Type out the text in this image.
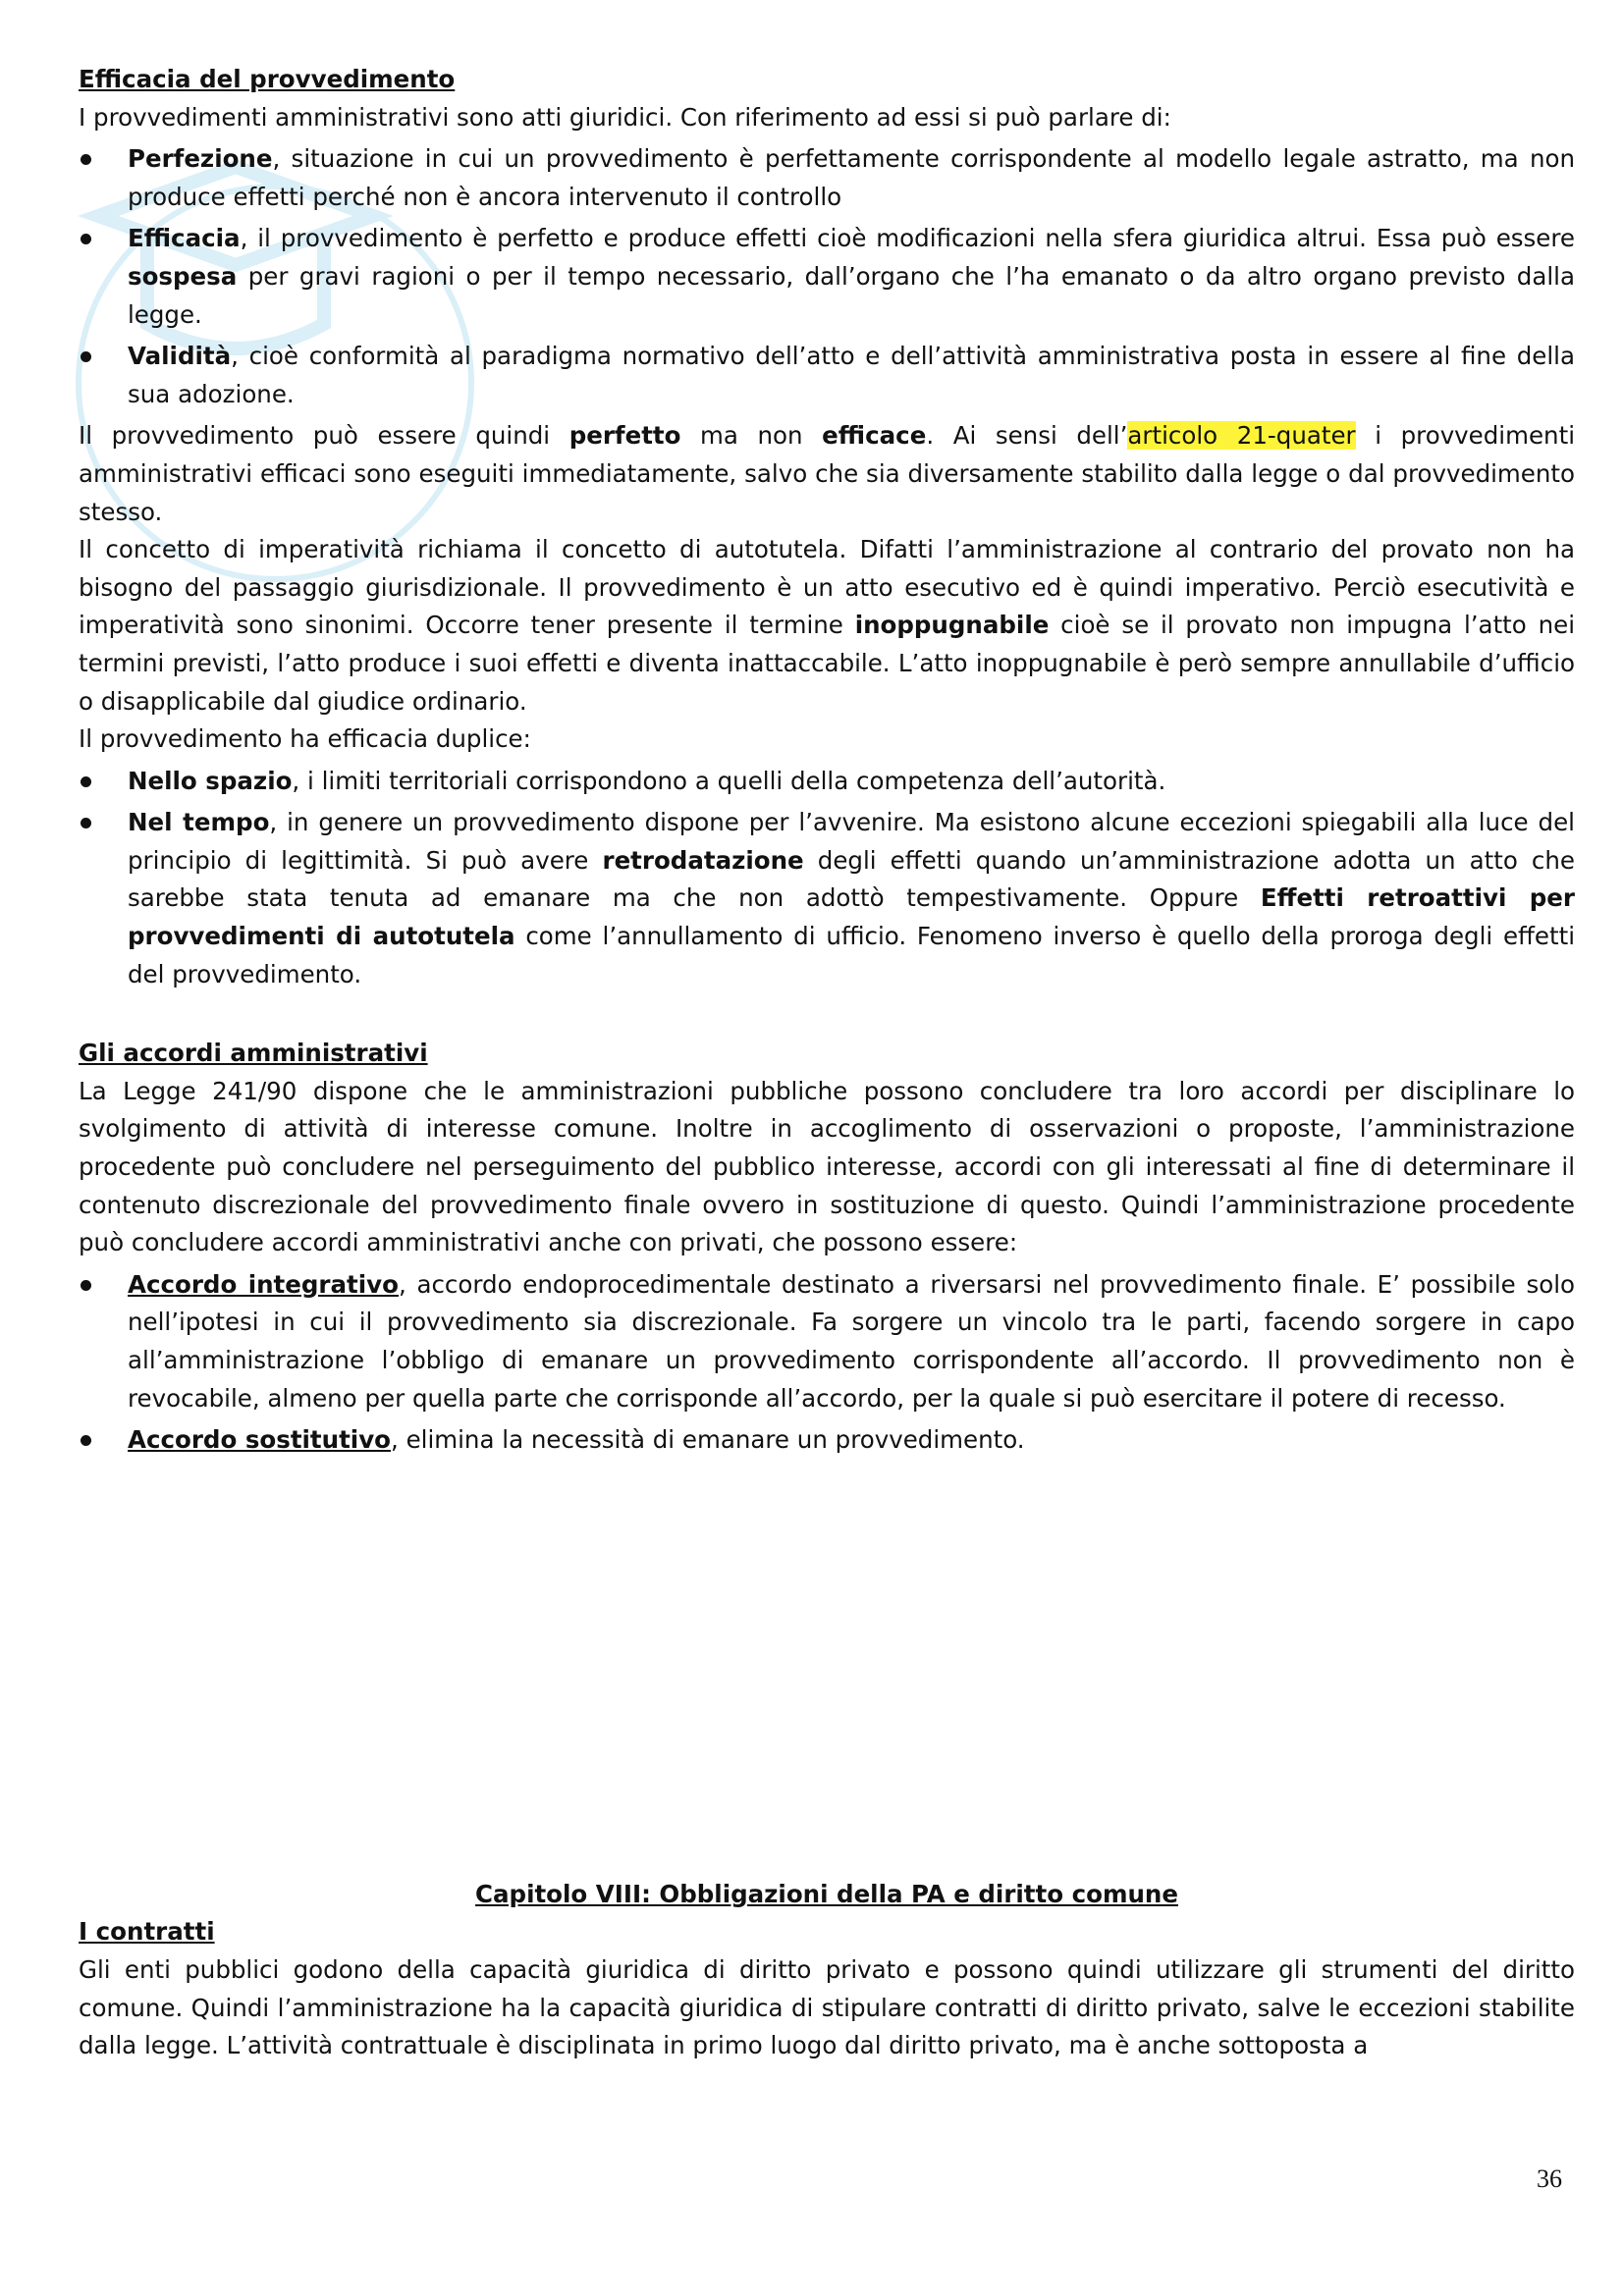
Efficacia del provvedimento

I provvedimenti amministrativi sono atti giuridici. Con riferimento ad essi si può parlare di:

Perfezione, situazione in cui un provvedimento è perfettamente corrispondente al modello legale astratto, ma non produce effetti perché non è ancora intervenuto il controllo
Efficacia, il provvedimento è perfetto e produce effetti cioè modificazioni nella sfera giuridica altrui. Essa può essere sospesa per gravi ragioni o per il tempo necessario, dall’organo che l’ha emanato o da altro organo previsto dalla legge.
Validità, cioè conformità al paradigma normativo dell’atto e dell’attività amministrativa posta in essere al fine della sua adozione.

Il provvedimento può essere quindi perfetto ma non efficace. Ai sensi dell’articolo 21-quater i provvedimenti amministrativi efficaci sono eseguiti immediatamente, salvo che sia diversamente stabilito dalla legge o dal provvedimento stesso.

Il concetto di imperatività richiama il concetto di autotutela. Difatti l’amministrazione al contrario del provato non ha bisogno del passaggio giurisdizionale. Il provvedimento è un atto esecutivo ed è quindi imperativo. Perciò esecutività e imperatività sono sinonimi. Occorre tener presente il termine inoppugnabile cioè se il provato non impugna l’atto nei termini previsti, l’atto produce i suoi effetti e diventa inattaccabile. L’atto inoppugnabile è però sempre annullabile d’ufficio o disapplicabile dal giudice ordinario.

Il provvedimento ha efficacia duplice:

Nello spazio, i limiti territoriali corrispondono a quelli della competenza dell’autorità.
Nel tempo, in genere un provvedimento dispone per l’avvenire. Ma esistono alcune eccezioni spiegabili alla luce del principio di legittimità. Si può avere retrodatazione degli effetti quando un’amministrazione adotta un atto che sarebbe stata tenuta ad emanare ma che non adottò tempestivamente. Oppure Effetti retroattivi per provvedimenti di autotutela come l’annullamento di ufficio. Fenomeno inverso è quello della proroga degli effetti del provvedimento.

Gli accordi amministrativi

La Legge 241/90 dispone che le amministrazioni pubbliche possono concludere tra loro accordi per disciplinare lo svolgimento di attività di interesse comune. Inoltre in accoglimento di osservazioni o proposte, l’amministrazione procedente può concludere nel perseguimento del pubblico interesse, accordi con gli interessati al fine di determinare il contenuto discrezionale del provvedimento finale ovvero in sostituzione di questo. Quindi l’amministrazione procedente può concludere accordi amministrativi anche con privati, che possono essere:

Accordo integrativo, accordo endoprocedimentale destinato a riversarsi nel provvedimento finale. E’ possibile solo nell’ipotesi in cui il provvedimento sia discrezionale. Fa sorgere un vincolo tra le parti, facendo sorgere in capo all’amministrazione l’obbligo di emanare un provvedimento corrispondente all’accordo. Il provvedimento non è revocabile, almeno per quella parte che corrisponde all’accordo, per la quale si può esercitare il potere di recesso.
Accordo sostitutivo, elimina la necessità di emanare un provvedimento.

Capitolo VIII: Obbligazioni della PA e diritto comune

I contratti

Gli enti pubblici godono della capacità giuridica di diritto privato e possono quindi utilizzare gli strumenti del diritto comune. Quindi l’amministrazione ha la capacità giuridica di stipulare contratti di diritto privato, salve le eccezioni stabilite dalla legge. L’attività contrattuale è disciplinata in primo luogo dal diritto privato, ma è anche sottoposta a

36
